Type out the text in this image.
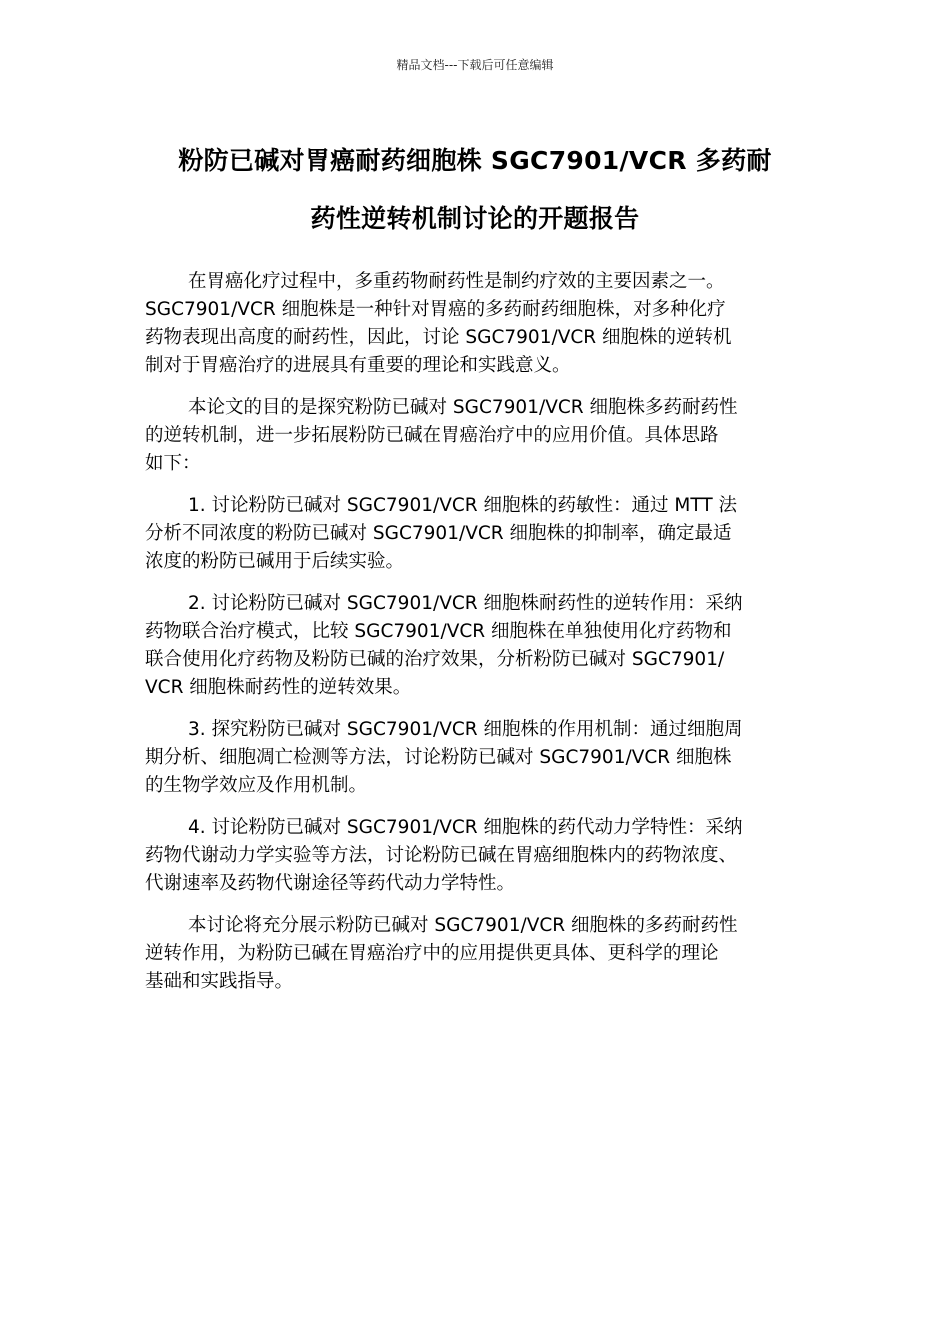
精品文档---下载后可任意编辑
粉防已碱对胃癌耐药细胞株 SGC7901/VCR 多药耐
药性逆转机制讨论的开题报告

在胃癌化疗过程中，多重药物耐药性是制约疗效的主要因素之一。
SGC7901/VCR 细胞株是一种针对胃癌的多药耐药细胞株，对多种化疗
药物表现出高度的耐药性，因此，讨论 SGC7901/VCR 细胞株的逆转机
制对于胃癌治疗的进展具有重要的理论和实践意义。

本论文的目的是探究粉防已碱对 SGC7901/VCR 细胞株多药耐药性
的逆转机制，进一步拓展粉防已碱在胃癌治疗中的应用价值。具体思路
如下：

1. 讨论粉防已碱对 SGC7901/VCR 细胞株的药敏性：通过 MTT 法
分析不同浓度的粉防已碱对 SGC7901/VCR 细胞株的抑制率，确定最适
浓度的粉防已碱用于后续实验。

2. 讨论粉防已碱对 SGC7901/VCR 细胞株耐药性的逆转作用：采纳
药物联合治疗模式，比较 SGC7901/VCR 细胞株在单独使用化疗药物和
联合使用化疗药物及粉防已碱的治疗效果，分析粉防已碱对 SGC7901/
VCR 细胞株耐药性的逆转效果。

3. 探究粉防已碱对 SGC7901/VCR 细胞株的作用机制：通过细胞周
期分析、细胞凋亡检测等方法，讨论粉防已碱对 SGC7901/VCR 细胞株
的生物学效应及作用机制。

4. 讨论粉防已碱对 SGC7901/VCR 细胞株的药代动力学特性：采纳
药物代谢动力学实验等方法，讨论粉防已碱在胃癌细胞株内的药物浓度、
代谢速率及药物代谢途径等药代动力学特性。

本讨论将充分展示粉防已碱对 SGC7901/VCR 细胞株的多药耐药性
逆转作用，为粉防已碱在胃癌治疗中的应用提供更具体、更科学的理论
基础和实践指导。
